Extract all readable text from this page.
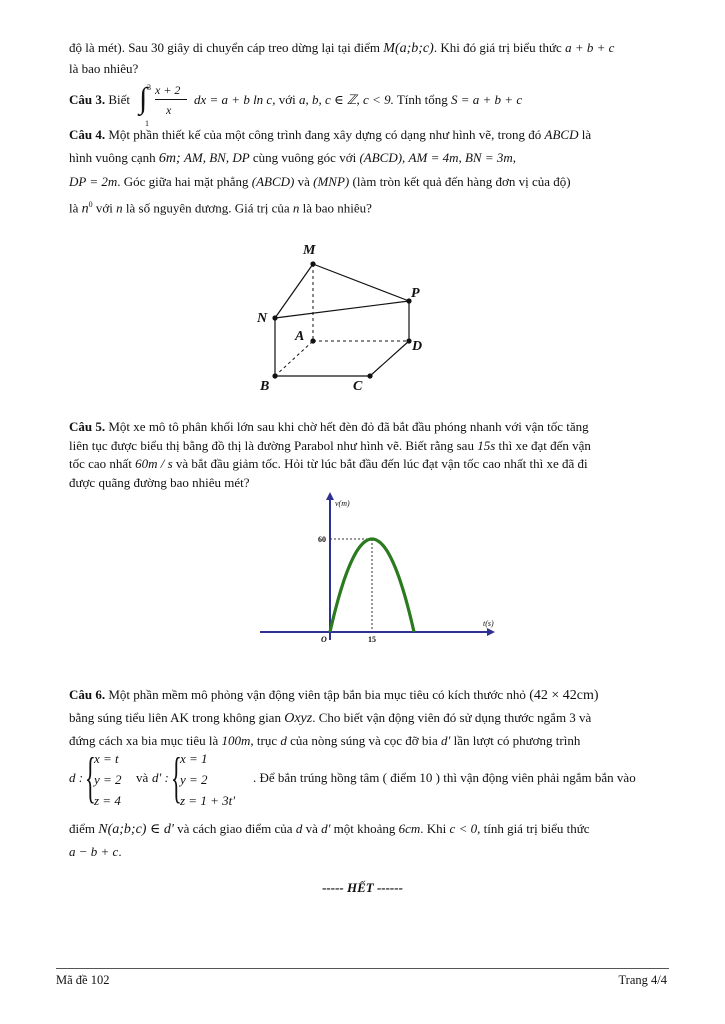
độ là mét). Sau 30 giây di chuyển cáp treo dừng lại tại điểm M(a;b;c). Khi đó giá trị biểu thức a + b + c
là bao nhiêu?
Câu 3. Biết ∫ 3
1
x + 2
x
dx = a + b ln c, với a, b, c ∈ ℤ, c < 9. Tính tổng S = a + b + c
Câu 4. Một phần thiết kế của một công trình đang xây dựng có dạng như hình vẽ, trong đó ABCD là
hình vuông cạnh 6m; AM, BN, DP cùng vuông góc với (ABCD), AM = 4m, BN = 3m,
DP = 2m. Góc giữa hai mặt phẳng (ABCD) và (MNP) (làm tròn kết quả đến hàng đơn vị của độ)
là $n^0$ với n là số nguyên dương. Giá trị của n là bao nhiêu?
M
N
P
A
D
B	C
Câu 5. Một xe mô tô phân khối lớn sau khi chờ hết đèn đỏ đã bắt đầu phóng nhanh với vận tốc tăng
liên tục được biểu thị bằng đồ thị là đường Parabol như hình vẽ. Biết rằng sau 15s thì xe đạt đến vận
tốc cao nhất 60m / s và bắt đầu giảm tốc. Hỏi từ lúc bắt đầu đến lúc đạt vận tốc cao nhất thì xe đã đi
được quãng đường bao nhiêu mét?
v(m)
t(s)
O	15
60
Câu 6. Một phần mềm mô phỏng vận động viên tập bắn bia mục tiêu có kích thước nhỏ (42 × 42cm)
bằng súng tiểu liên AK trong không gian Oxyz. Cho biết vận động viên đó sử dụng thước ngắm 3 và
đứng cách xa bia mục tiêu là 100m, trục d của nòng súng và cọc đỡ bia d' lần lượt có phương trình
d : {
x = t
y = 2
z = 4
và d' : {
x = 1
y = 2
z = 1 + 3t'
. Để bắn trúng hồng tâm ( điểm 10 ) thì vận động viên phải ngắm bắn vào
điểm N(a;b;c) ∈ d' và cách giao điểm của d và d' một khoảng 6cm. Khi c < 0, tính giá trị biểu thức
a − b + c.
----- HẾT ------
Mã đề 102	Trang 4/4
